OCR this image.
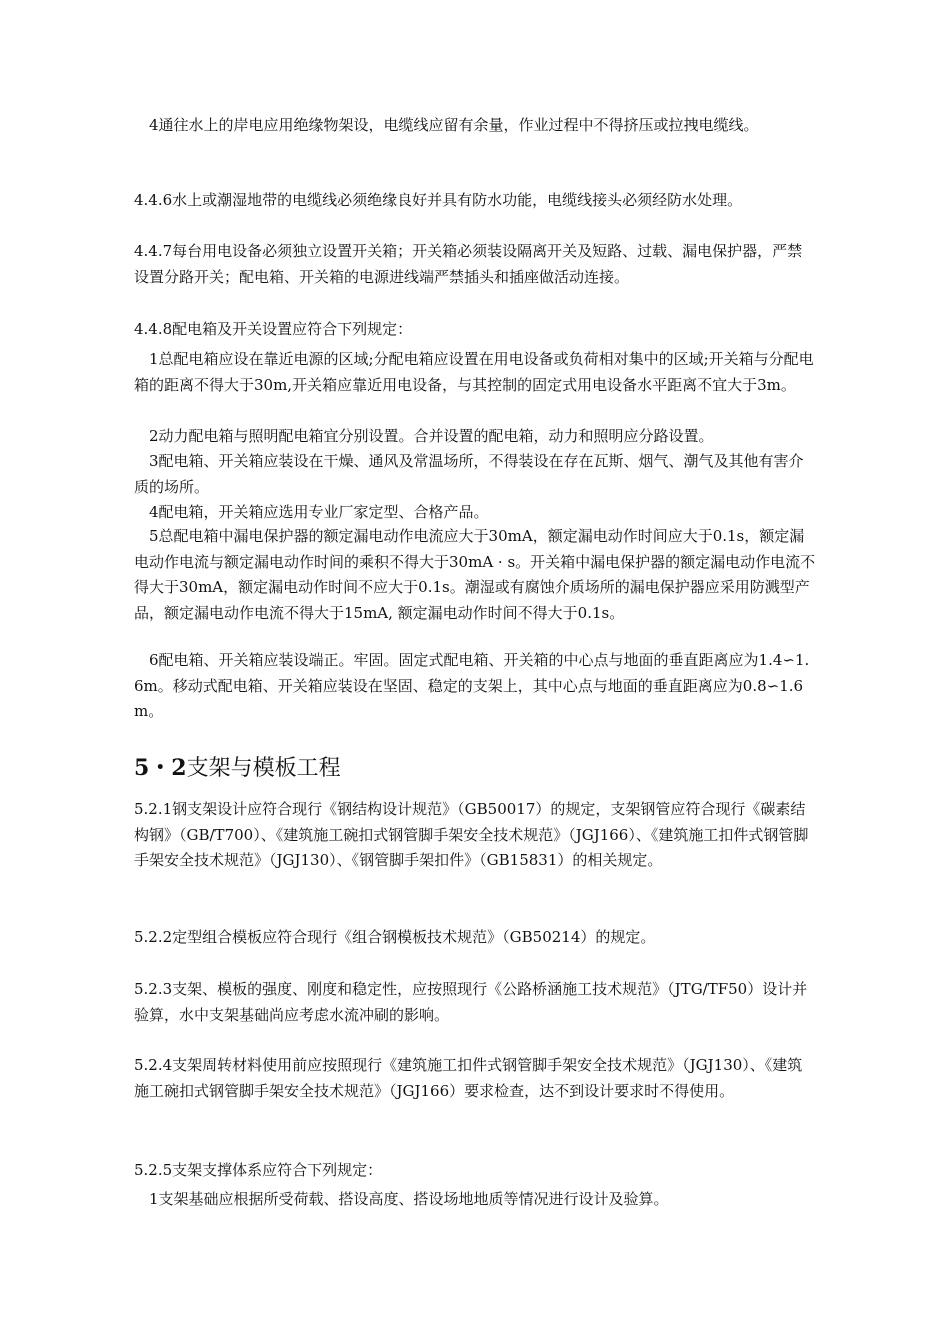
4通往水上的岸电应用绝缘物架设，电缆线应留有余量，作业过程中不得挤压或拉拽电缆线。
4.4.6水上或潮湿地带的电缆线必须绝缘良好并具有防水功能，电缆线接头必须经防水处理。
4.4.7每台用电设备必须独立设置开关箱；开关箱必须装设隔离开关及短路、过载、漏电保护器，严禁设置分路开关；配电箱、开关箱的电源进线端严禁插头和插座做活动连接。
4.4.8配电箱及开关设置应符合下列规定：
1总配电箱应设在靠近电源的区域;分配电箱应设置在用电设备或负荷相对集中的区域;开关箱与分配电箱的距离不得大于30m,开关箱应靠近用电设备，与其控制的固定式用电设备水平距离不宜大于3m。
2动力配电箱与照明配电箱宜分别设置。合并设置的配电箱，动力和照明应分路设置。
3配电箱、开关箱应装设在干燥、通风及常温场所，不得装设在存在瓦斯、烟气、潮气及其他有害介质的场所。
4配电箱，开关箱应选用专业厂家定型、合格产品。
5总配电箱中漏电保护器的额定漏电动作电流应大于30mA，额定漏电动作时间应大于0.1s，额定漏电动作电流与额定漏电动作时间的乘积不得大于30mA · s。开关箱中漏电保护器的额定漏电动作电流不得大于30mA，额定漏电动作时间不应大于0.1s。潮湿或有腐蚀介质场所的漏电保护器应采用防溅型产品，额定漏电动作电流不得大于15mA, 额定漏电动作时间不得大于0.1s。
6配电箱、开关箱应装设端正。牢固。固定式配电箱、开关箱的中心点与地面的垂直距离应为1.4∽1.6m。移动式配电箱、开关箱应装设在坚固、稳定的支架上，其中心点与地面的垂直距离应为0.8∽1.6m。
5・2支架与模板工程
5.2.1钢支架设计应符合现行《钢结构设计规范》（GB50017）的规定，支架钢管应符合现行《碳素结构钢》（GB/T700）、《建筑施工碗扣式钢管脚手架安全技术规范》（JGJ166）、《建筑施工扣件式钢管脚手架安全技术规范》（JGJ130）、《钢管脚手架扣件》（GB15831）的相关规定。
5.2.2定型组合模板应符合现行《组合钢模板技术规范》（GB50214）的规定。
5.2.3支架、模板的强度、刚度和稳定性，应按照现行《公路桥涵施工技术规范》（JTG/TF50）设计并验算，水中支架基础尚应考虑水流冲刷的影响。
5.2.4支架周转材料使用前应按照现行《建筑施工扣件式钢管脚手架安全技术规范》（JGJ130）、《建筑施工碗扣式钢管脚手架安全技术规范》（JGJ166）要求检查，达不到设计要求时不得使用。
5.2.5支架支撑体系应符合下列规定：
1支架基础应根据所受荷载、搭设高度、搭设场地地质等情况进行设计及验算。
